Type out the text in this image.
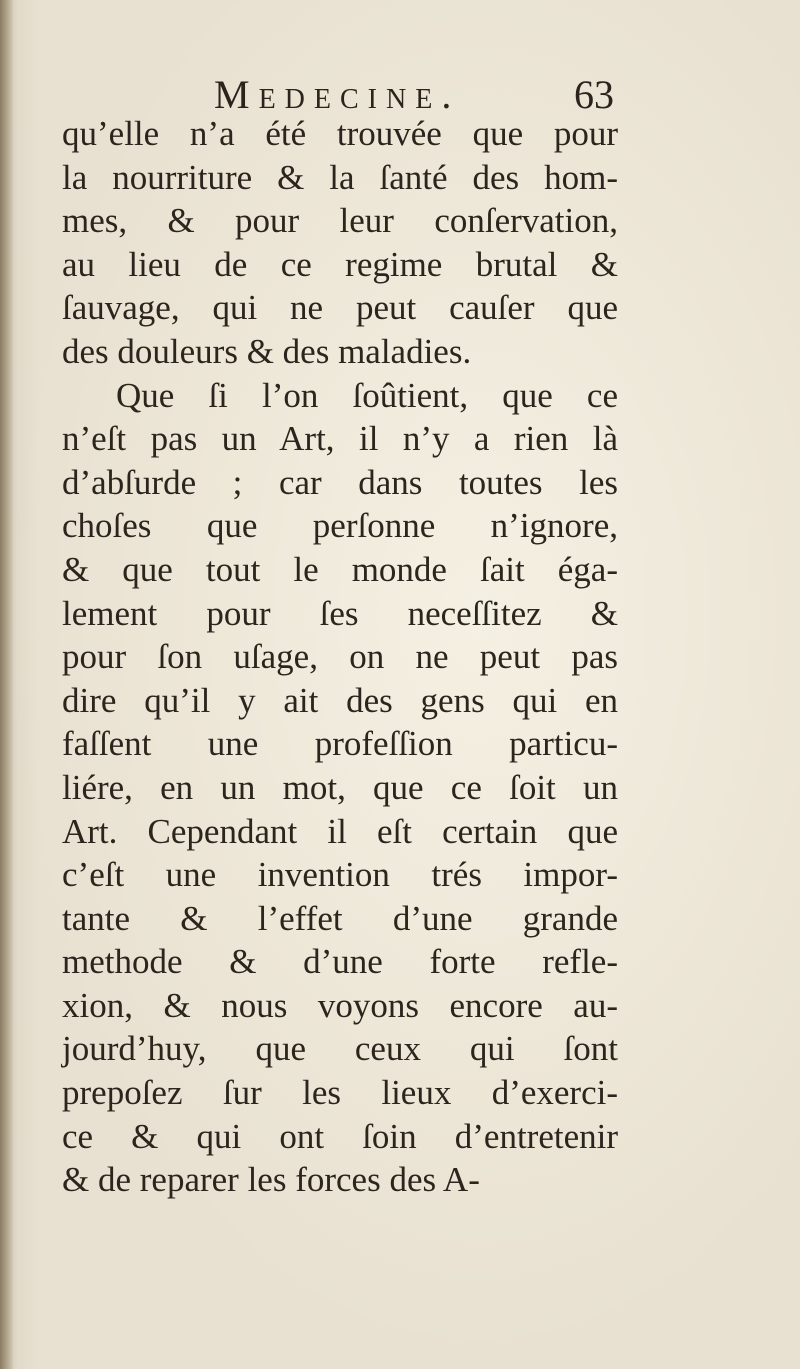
Medecine.	63
qu’elle n’a été trouvée que pour
la nourriture & la ſanté des hom-
mes, & pour leur conſervation,
au lieu de ce regime brutal &
ſauvage, qui ne peut cauſer que
des douleurs & des maladies.
Que ſi l’on ſoûtient, que ce
n’eſt pas un Art, il n’y a rien là
d’abſurde ; car dans toutes les
choſes que perſonne n’ignore,
& que tout le monde ſait éga-
lement pour ſes neceſſitez &
pour ſon uſage, on ne peut pas
dire qu’il y ait des gens qui en
faſſent une profeſſion particu-
liére, en un mot, que ce ſoit un
Art. Cependant il eſt certain que
c’eſt une invention trés impor-
tante & l’effet d’une grande
methode & d’une forte refle-
xion, & nous voyons encore au-
jourd’huy, que ceux qui ſont
prepoſez ſur les lieux d’exerci-
ce & qui ont ſoin d’entretenir
& de reparer les forces des A-
